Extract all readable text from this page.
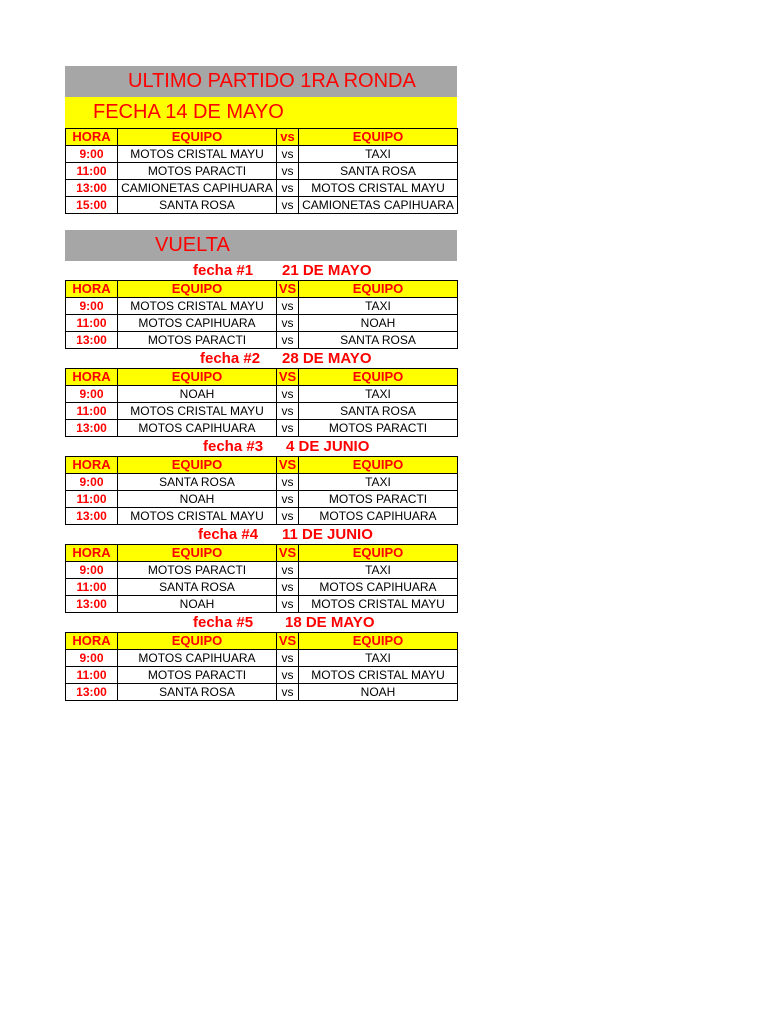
ULTIMO PARTIDO 1RA RONDA
FECHA 14 DE MAYO
HORA	EQUIPO	vs	EQUIPO
9:00	MOTOS CRISTAL MAYU	vs	TAXI
11:00	MOTOS PARACTI	vs	SANTA ROSA
13:00	CAMIONETAS CAPIHUARA	vs	MOTOS CRISTAL MAYU
15:00	SANTA ROSA	vs	CAMIONETAS CAPIHUARA
VUELTA
fecha #1 21 DE MAYO
HORA	EQUIPO	VS	EQUIPO
9:00	MOTOS CRISTAL MAYU	vs	TAXI
11:00	MOTOS CAPIHUARA	vs	NOAH
13:00	MOTOS PARACTI	vs	SANTA ROSA
fecha #2 28 DE MAYO
HORA	EQUIPO	VS	EQUIPO
9:00	NOAH	vs	TAXI
11:00	MOTOS CRISTAL MAYU	vs	SANTA ROSA
13:00	MOTOS CAPIHUARA	vs	MOTOS PARACTI
fecha #3 4 DE JUNIO
HORA	EQUIPO	VS	EQUIPO
9:00	SANTA ROSA	vs	TAXI
11:00	NOAH	vs	MOTOS PARACTI
13:00	MOTOS CRISTAL MAYU	vs	MOTOS CAPIHUARA
fecha #4 11 DE JUNIO
HORA	EQUIPO	VS	EQUIPO
9:00	MOTOS PARACTI	vs	TAXI
11:00	SANTA ROSA	vs	MOTOS CAPIHUARA
13:00	NOAH	vs	MOTOS CRISTAL MAYU
fecha #5 18 DE MAYO
HORA	EQUIPO	VS	EQUIPO
9:00	MOTOS CAPIHUARA	vs	TAXI
11:00	MOTOS PARACTI	vs	MOTOS CRISTAL MAYU
13:00	SANTA ROSA	vs	NOAH
